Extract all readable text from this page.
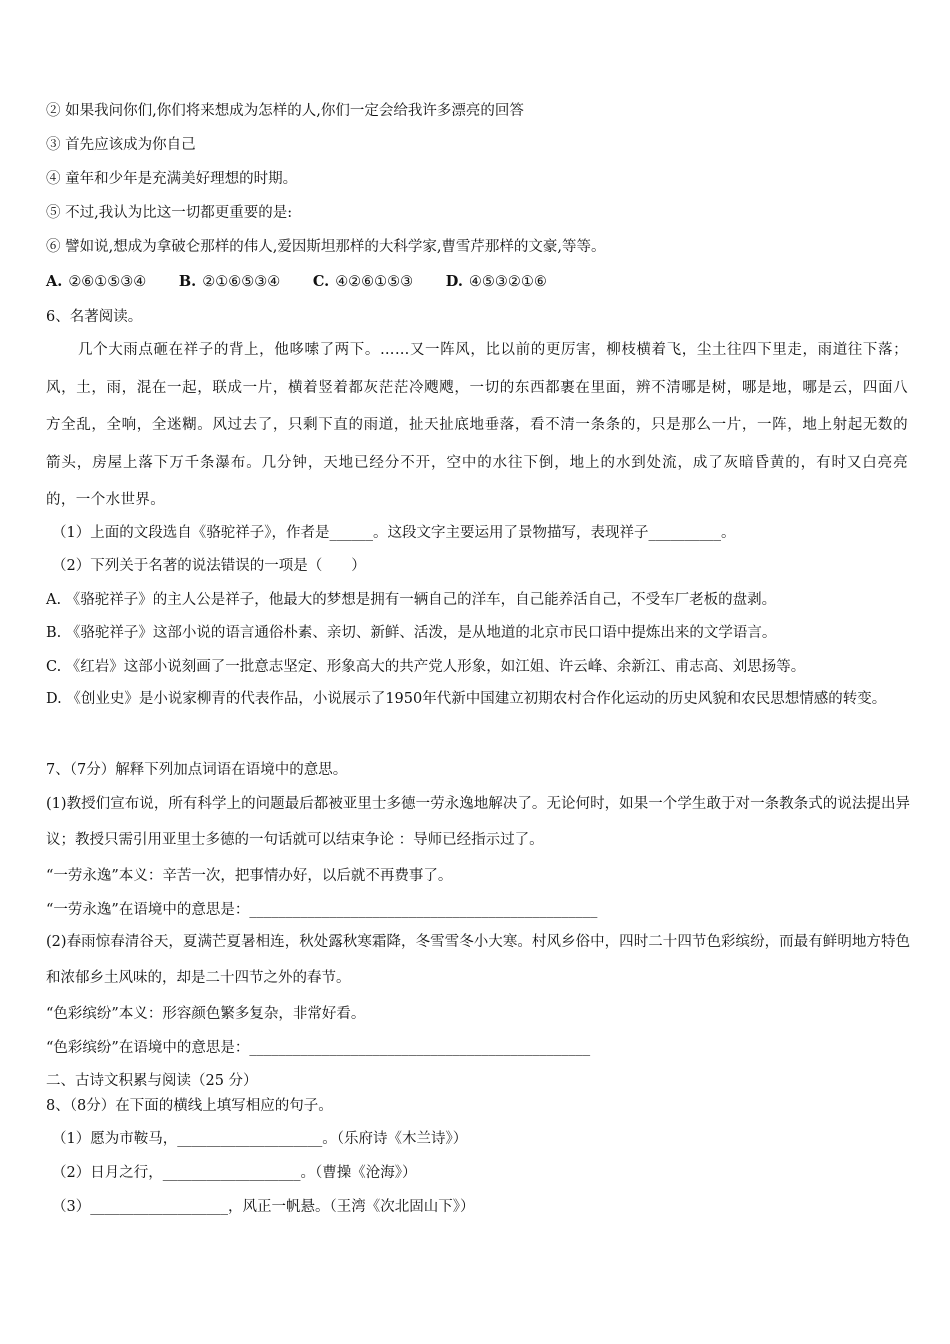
② 如果我问你们,你们将来想成为怎样的人,你们一定会给我许多漂亮的回答
③ 首先应该成为你自己
④ 童年和少年是充满美好理想的时期。
⑤ 不过,我认为比这一切都更重要的是:
⑥ 譬如说,想成为拿破仑那样的伟人,爱因斯坦那样的大科学家,曹雪芹那样的文豪,等等。
A. ②⑥①⑤③④ B. ②①⑥⑤③④ C. ④②⑥①⑤③ D. ④⑤③②①⑥
6、名著阅读。
几个大雨点砸在祥子的背上，他哆嗦了两下。……又一阵风，比以前的更厉害，柳枝横着飞，尘土往四下里走，雨道往下落；风，土，雨，混在一起，联成一片，横着竖着都灰茫茫冷飕飕，一切的东西都裹在里面，辨不清哪是树，哪是地，哪是云，四面八方全乱，全响，全迷糊。风过去了，只剩下直的雨道，扯天扯底地垂落，看不清一条条的，只是那么一片，一阵，地上射起无数的箭头，房屋上落下万千条瀑布。几分钟，天地已经分不开，空中的水往下倒，地上的水到处流，成了灰暗昏黄的，有时又白亮亮的，一个水世界。
（1）上面的文段选自《骆驼祥子》，作者是______。这段文字主要运用了景物描写，表现祥子__________。
（2）下列关于名著的说法错误的一项是（　　）
A. 《骆驼祥子》的主人公是祥子，他最大的梦想是拥有一辆自己的洋车，自己能养活自己，不受车厂老板的盘剥。
B. 《骆驼祥子》这部小说的语言通俗朴素、亲切、新鲜、活泼，是从地道的北京市民口语中提炼出来的文学语言。
C. 《红岩》这部小说刻画了一批意志坚定、形象高大的共产党人形象，如江姐、许云峰、余新江、甫志高、刘思扬等。
D. 《创业史》是小说家柳青的代表作品，小说展示了1950年代新中国建立初期农村合作化运动的历史风貌和农民思想情感的转变。
7、（7分）解释下列加点词语在语境中的意思。
(1)教授们宣布说，所有科学上的问题最后都被亚里士多德一劳永逸地解决了。无论何时，如果一个学生敢于对一条教条式的说法提出异议；教授只需引用亚里士多德的一句话就可以结束争论 ：导师已经指示过了。
“一劳永逸”本义：辛苦一次，把事情办好，以后就不再费事了。
“一劳永逸”在语境中的意思是：________________________________________________
(2)春雨惊春清谷天，夏满芒夏暑相连，秋处露秋寒霜降，冬雪雪冬小大寒。村风乡俗中，四时二十四节色彩缤纷，而最有鲜明地方特色和浓郁乡土风味的，却是二十四节之外的春节。
“色彩缤纷”本义：形容颜色繁多复杂，非常好看。
“色彩缤纷”在语境中的意思是：_______________________________________________
二、古诗文积累与阅读（25 分）
8、（8分）在下面的横线上填写相应的句子。
（1）愿为市鞍马，____________________。（乐府诗《木兰诗》）
（2）日月之行，___________________。（曹操《沧海》）
（3）___________________，风正一帆悬。（王湾《次北固山下》）
